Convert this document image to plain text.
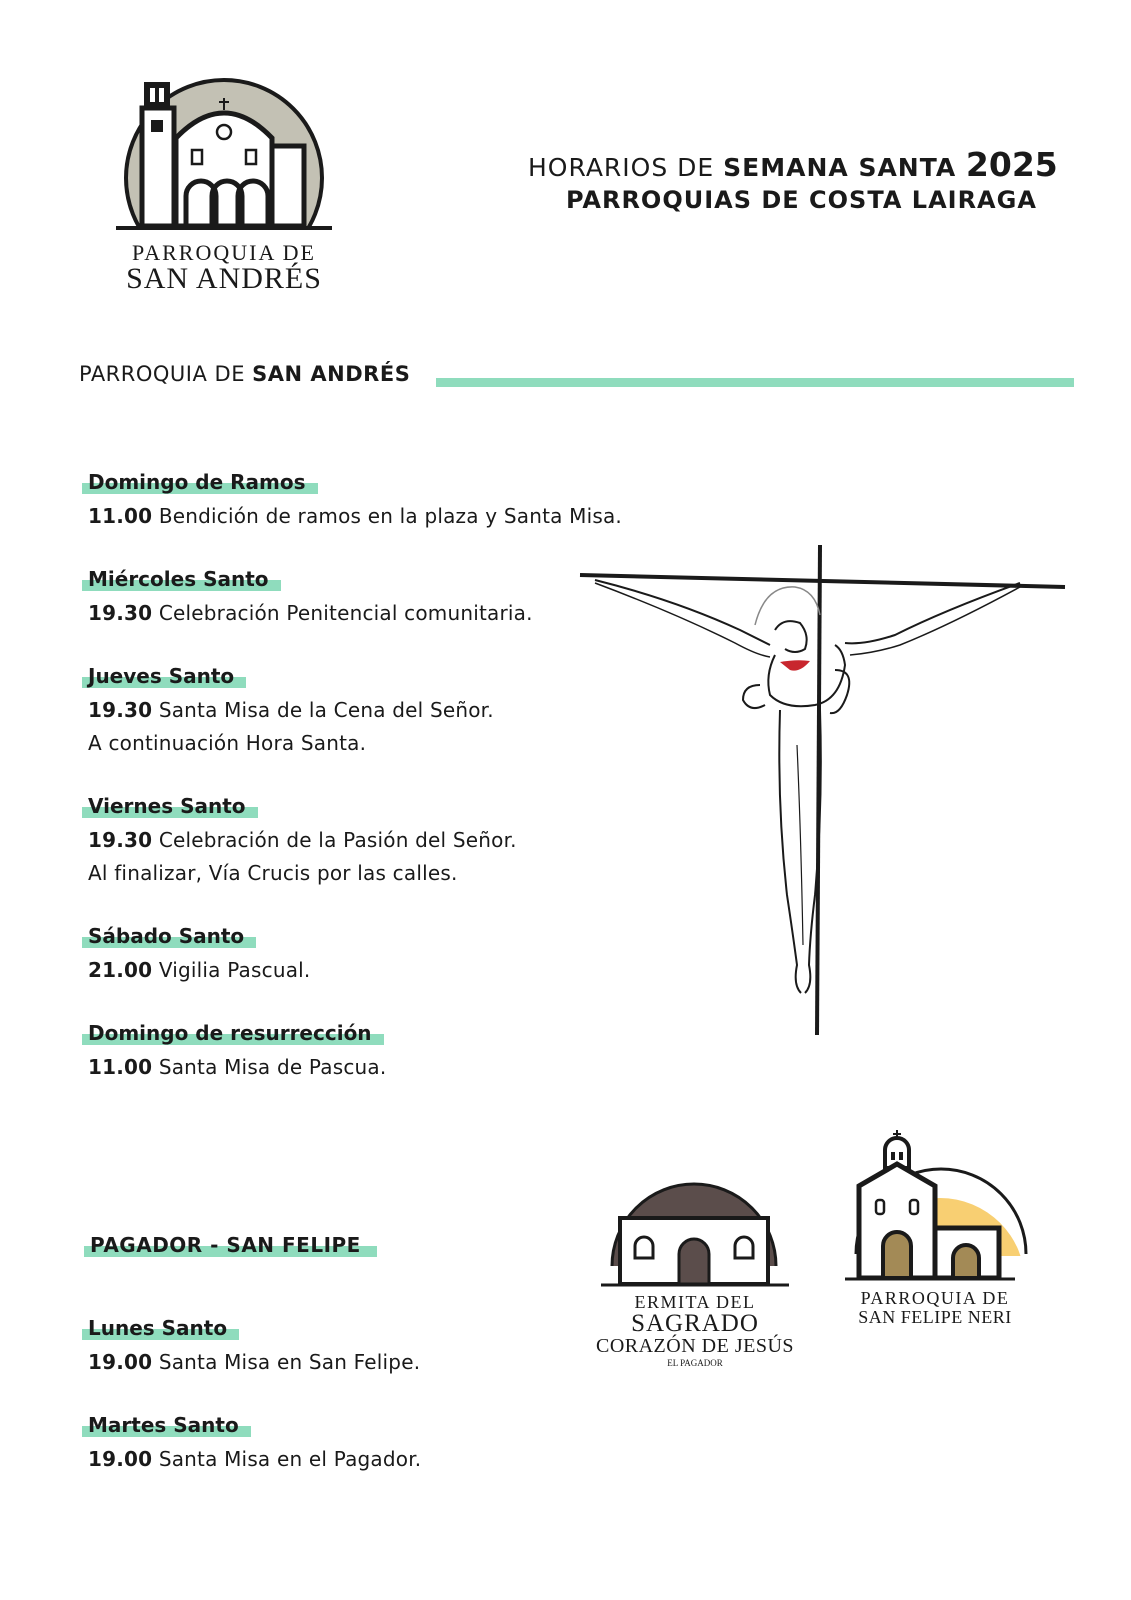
PARROQUIA DE
SAN ANDRÉS
HORARIOS DE SEMANA SANTA 2025
PARROQUIAS DE COSTA LAIRAGA
PARROQUIA DE SAN ANDRÉS
Domingo de Ramos
11.00 Bendición de ramos en la plaza y Santa Misa.
Miércoles Santo
19.30 Celebración Penitencial comunitaria.
Jueves Santo
19.30 Santa Misa de la Cena del Señor.
A continuación Hora Santa.
Viernes Santo
19.30 Celebración de la Pasión del Señor.
Al finalizar, Vía Crucis por las calles.
Sábado Santo
21.00 Vigilia Pascual.
Domingo de resurrección
11.00 Santa Misa de Pascua.
PAGADOR - SAN FELIPE
Lunes Santo
19.00 Santa Misa en San Felipe.
Martes Santo
19.00 Santa Misa en el Pagador.
ERMITA DEL
SAGRADO
CORAZÓN DE JESÚS
EL PAGADOR
PARROQUIA DE
SAN FELIPE NERI
